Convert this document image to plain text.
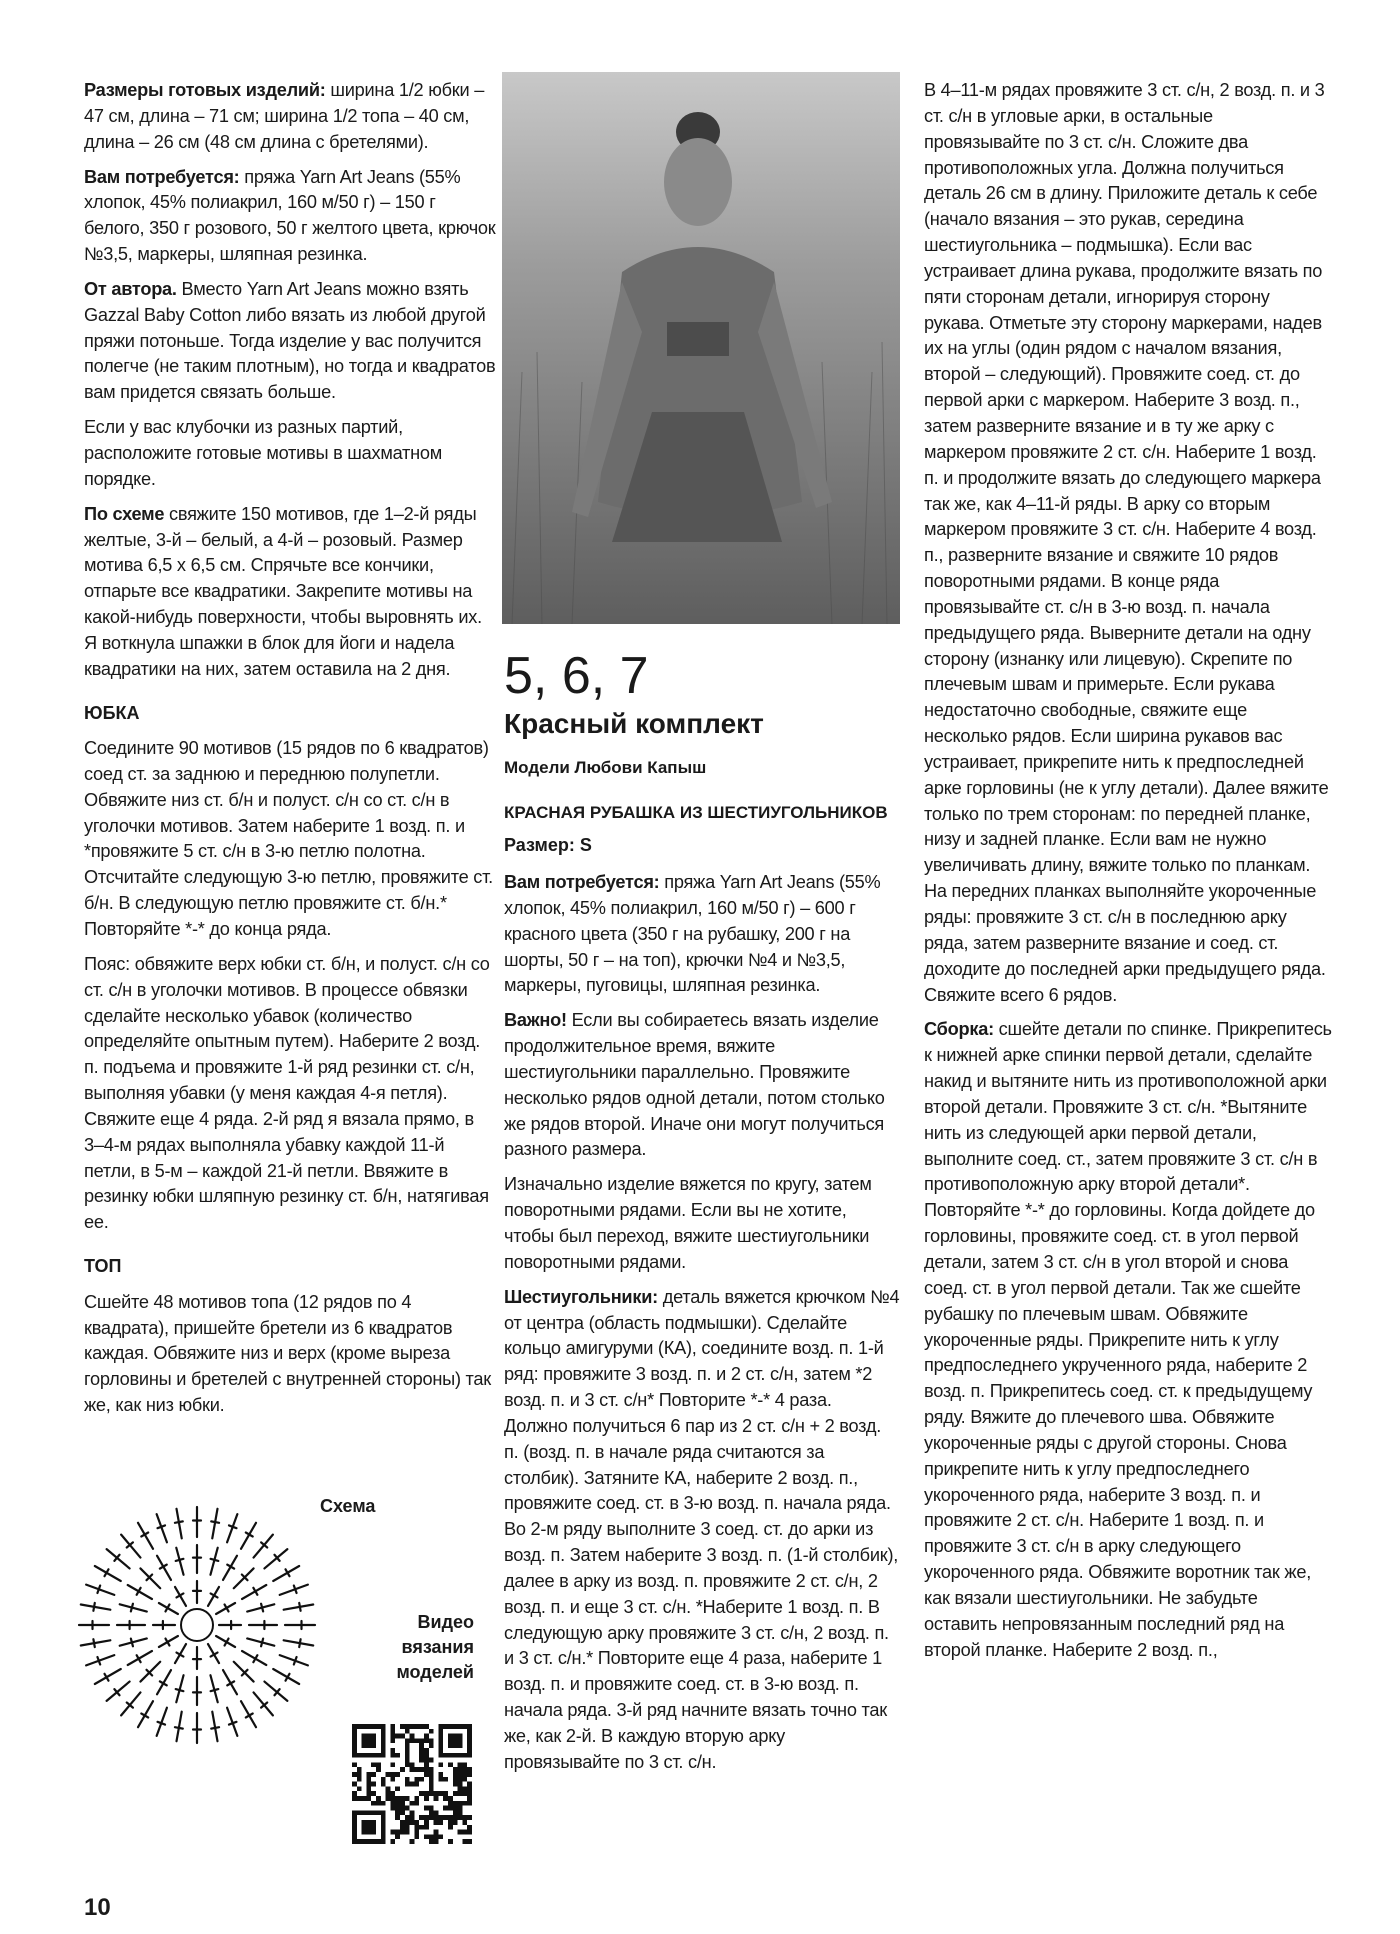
Размеры готовых изделий: ширина 1/2 юбки – 47 см, длина – 71 см; ширина 1/2 топа – 40 см, длина – 26 см (48 см длина с бретелями).

Вам потребуется: пряжа Yarn Art Jeans (55% хлопок, 45% полиакрил, 160 м/50 г) – 150 г белого, 350 г розового, 50 г желтого цвета, крючок №3,5, маркеры, шляпная резинка.

От автора. Вместо Yarn Art Jeans можно взять Gazzal Baby Cotton либо вязать из любой другой пряжи потоньше. Тогда изделие у вас получится полегче (не таким плотным), но тогда и квадратов вам придется связать больше.

Если у вас клубочки из разных партий, расположите готовые мотивы в шахматном порядке.

По схеме свяжите 150 мотивов, где 1–2-й ряды желтые, 3-й – белый, а 4-й – розовый. Размер мотива 6,5 х 6,5 см. Спрячьте все кончики, отпарьте все квадратики. Закрепите мотивы на какой-нибудь поверхности, чтобы выровнять их. Я воткнула шпажки в блок для йоги и надела квадратики на них, затем оставила на 2 дня.

ЮБКА

Соедините 90 мотивов (15 рядов по 6 квадратов) соед ст. за заднюю и переднюю полупетли. Обвяжите низ ст. б/н и полуст. с/н со ст. с/н в уголочки мотивов. Затем наберите 1 возд. п. и *провяжите 5 ст. с/н в 3-ю петлю полотна. Отсчитайте следующую 3-ю петлю, провяжите ст. б/н. В следующую петлю провяжите ст. б/н.* Повторяйте *-* до конца ряда.

Пояс: обвяжите верх юбки ст. б/н, и полуст. с/н со ст. с/н в уголочки мотивов. В процессе обвязки сделайте несколько убавок (количество определяйте опытным путем). Наберите 2 возд. п. подъема и провяжите 1-й ряд резинки ст. с/н, выполняя убавки (у меня каждая 4-я петля). Свяжите еще 4 ряда. 2-й ряд я вязала прямо, в 3–4-м рядах выполняла убавку каждой 11-й петли, в 5-м – каждой 21-й петли. Ввяжите в резинку юбки шляпную резинку ст. б/н, натягивая ее.

ТОП

Сшейте 48 мотивов топа (12 рядов по 4 квадрата), пришейте бретели из 6 квадратов каждая. Обвяжите низ и верх (кроме выреза горловины и бретелей с внутренней стороны) так же, как низ юбки.

Схема
Видео вязания моделей
5, 6, 7
Красный комплект
Модели Любови Капыш
КРАСНАЯ РУБАШКА ИЗ ШЕСТИУГОЛЬНИКОВ
Размер: S

Вам потребуется: пряжа Yarn Art Jeans (55% хлопок, 45% полиакрил, 160 м/50 г) – 600 г красного цвета (350 г на рубашку, 200 г на шорты, 50 г – на топ), крючки №4 и №3,5, маркеры, пуговицы, шляпная резинка.

Важно! Если вы собираетесь вязать изделие продолжительное время, вяжите шестиугольники параллельно. Провяжите несколько рядов одной детали, потом столько же рядов второй. Иначе они могут получиться разного размера.

Изначально изделие вяжется по кругу, затем поворотными рядами. Если вы не хотите, чтобы был переход, вяжите шестиугольники поворотными рядами.

Шестиугольники: деталь вяжется крючком №4 от центра (область подмышки). Сделайте кольцо амигуруми (КА), соедините возд. п. 1-й ряд: провяжите 3 возд. п. и 2 ст. с/н, затем *2 возд. п. и 3 ст. с/н* Повторите *-* 4 раза. Должно получиться 6 пар из 2 ст. с/н + 2 возд. п. (возд. п. в начале ряда считаются за столбик). Затяните КА, наберите 2 возд. п., провяжите соед. ст. в 3-ю возд. п. начала ряда. Во 2-м ряду выполните 3 соед. ст. до арки из возд. п. Затем наберите 3 возд. п. (1-й столбик), далее в арку из возд. п. провяжите 2 ст. с/н, 2 возд. п. и еще 3 ст. с/н. *Наберите 1 возд. п. В следующую арку провяжите 3 ст. с/н, 2 возд. п. и 3 ст. с/н.* Повторите еще 4 раза, наберите 1 возд. п. и провяжите соед. ст. в 3-ю возд. п. начала ряда. 3-й ряд начните вязать точно так же, как 2-й. В каждую вторую арку провязывайте по 3 ст. с/н.

В 4–11-м рядах провяжите 3 ст. с/н, 2 возд. п. и 3 ст. с/н в угловые арки, в остальные провязывайте по 3 ст. с/н. Сложите два противоположных угла. Должна получиться деталь 26 см в длину. Приложите деталь к себе (начало вязания – это рукав, середина шестиугольника – подмышка). Если вас устраивает длина рукава, продолжите вязать по пяти сторонам детали, игнорируя сторону рукава. Отметьте эту сторону маркерами, надев их на углы (один рядом с началом вязания, второй – следующий). Провяжите соед. ст. до первой арки с маркером. Наберите 3 возд. п., затем разверните вязание и в ту же арку с маркером провяжите 2 ст. с/н. Наберите 1 возд. п. и продолжите вязать до следующего маркера так же, как 4–11-й ряды. В арку со вторым маркером провяжите 3 ст. с/н. Наберите 4 возд. п., разверните вязание и свяжите 10 рядов поворотными рядами. В конце ряда провязывайте ст. с/н в 3-ю возд. п. начала предыдущего ряда. Выверните детали на одну сторону (изнанку или лицевую). Скрепите по плечевым швам и примерьте. Если рукава недостаточно свободные, свяжите еще несколько рядов. Если ширина рукавов вас устраивает, прикрепите нить к предпоследней арке горловины (не к углу детали). Далее вяжите только по трем сторонам: по передней планке, низу и задней планке. Если вам не нужно увеличивать длину, вяжите только по планкам. На передних планках выполняйте укороченные ряды: провяжите 3 ст. с/н в последнюю арку ряда, затем разверните вязание и соед. ст. доходите до последней арки предыдущего ряда. Свяжите всего 6 рядов.

Сборка: сшейте детали по спинке. Прикрепитесь к нижней арке спинки первой детали, сделайте накид и вытяните нить из противоположной арки второй детали. Провяжите 3 ст. с/н. *Вытяните нить из следующей арки первой детали, выполните соед. ст., затем провяжите 3 ст. с/н в противоположную арку второй детали*. Повторяйте *-* до горловины. Когда дойдете до горловины, провяжите соед. ст. в угол первой детали, затем 3 ст. с/н в угол второй и снова соед. ст. в угол первой детали. Так же сшейте рубашку по плечевым швам. Обвяжите укороченные ряды. Прикрепите нить к углу предпоследнего укрученного ряда, наберите 2 возд. п. Прикрепитесь соед. ст. к предыдущему ряду. Вяжите до плечевого шва. Обвяжите укороченные ряды с другой стороны. Снова прикрепите нить к углу предпоследнего укороченного ряда, наберите 3 возд. п. и провяжите 2 ст. с/н. Наберите 1 возд. п. и провяжите 3 ст. с/н в арку следующего укороченного ряда. Обвяжите воротник так же, как вязали шестиугольники. Не забудьте оставить непровязанным последний ряд на второй планке. Наберите 2 возд. п.,

10
